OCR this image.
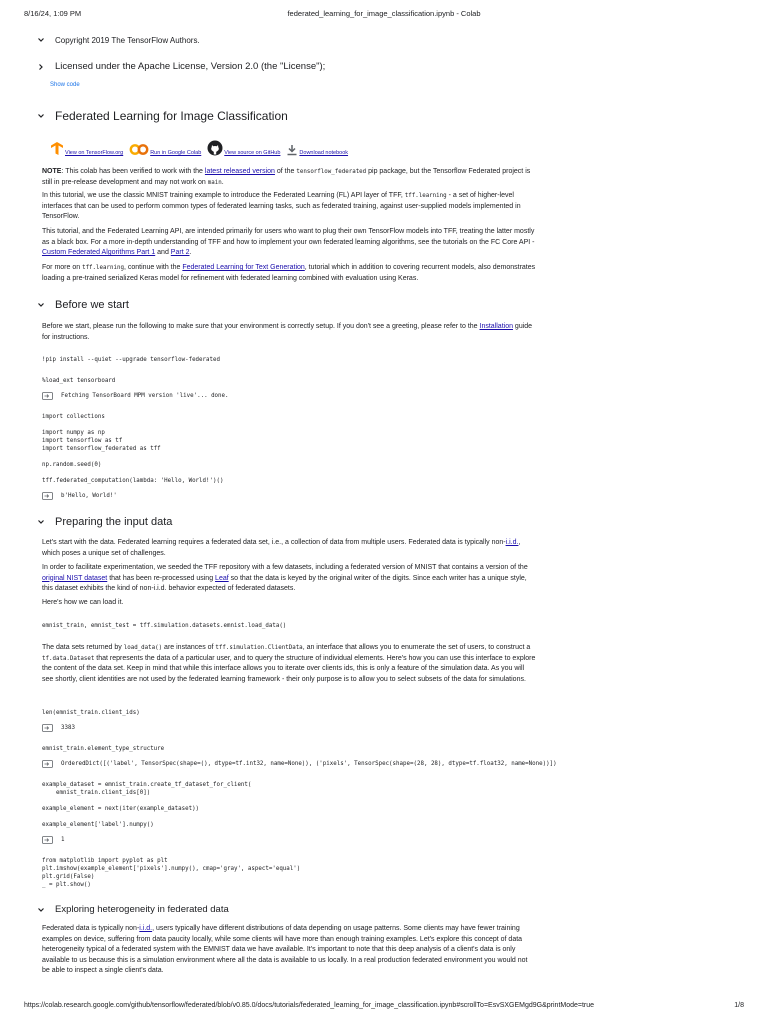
8/16/24, 1:09 PM	federated_learning_for_image_classification.ipynb - Colab
Copyright 2019 The TensorFlow Authors.
Licensed under the Apache License, Version 2.0 (the "License");
Show code
Federated Learning for Image Classification
View on TensorFlow.org	Run in Google Colab	View source on GitHub	Download notebook
NOTE: This colab has been verified to work with the latest released version of the tensorflow_federated pip package, but the Tensorflow Federated project is still in pre-release development and may not work on main.
In this tutorial, we use the classic MNIST training example to introduce the Federated Learning (FL) API layer of TFF, tff.learning - a set of higher-level interfaces that can be used to perform common types of federated learning tasks, such as federated training, against user-supplied models implemented in TensorFlow.
This tutorial, and the Federated Learning API, are intended primarily for users who want to plug their own TensorFlow models into TFF, treating the latter mostly as a black box. For a more in-depth understanding of TFF and how to implement your own federated learning algorithms, see the tutorials on the FC Core API - Custom Federated Algorithms Part 1 and Part 2.
For more on tff.learning, continue with the Federated Learning for Text Generation, tutorial which in addition to covering recurrent models, also demonstrates loading a pre-trained serialized Keras model for refinement with federated learning combined with evaluation using Keras.
Before we start
Before we start, please run the following to make sure that your environment is correctly setup. If you don't see a greeting, please refer to the Installation guide for instructions.
!pip install --quiet --upgrade tensorflow-federated
%load_ext tensorboard
Fetching TensorBoard MPM version 'live'... done.
import collections

import numpy as np
import tensorflow as tf
import tensorflow_federated as tff

np.random.seed(0)

tff.federated_computation(lambda: 'Hello, World!')()
b'Hello, World!'
Preparing the input data
Let's start with the data. Federated learning requires a federated data set, i.e., a collection of data from multiple users. Federated data is typically non-i.i.d., which poses a unique set of challenges.
In order to facilitate experimentation, we seeded the TFF repository with a few datasets, including a federated version of MNIST that contains a version of the original NIST dataset that has been re-processed using Leaf so that the data is keyed by the original writer of the digits. Since each writer has a unique style, this dataset exhibits the kind of non-i.i.d. behavior expected of federated datasets.
Here's how we can load it.
emnist_train, emnist_test = tff.simulation.datasets.emnist.load_data()
The data sets returned by load_data() are instances of tff.simulation.ClientData, an interface that allows you to enumerate the set of users, to construct a tf.data.Dataset that represents the data of a particular user, and to query the structure of individual elements. Here's how you can use this interface to explore the content of the data set. Keep in mind that while this interface allows you to iterate over clients ids, this is only a feature of the simulation data. As you will see shortly, client identities are not used by the federated learning framework - their only purpose is to allow you to select subsets of the data for simulations.
len(emnist_train.client_ids)
3383
emnist_train.element_type_structure
OrderedDict([('label', TensorSpec(shape=(), dtype=tf.int32, name=None)), ('pixels', TensorSpec(shape=(28, 28), dtype=tf.float32, name=None))])
example_dataset = emnist_train.create_tf_dataset_for_client(
emnist_train.client_ids[0])

example_element = next(iter(example_dataset))

example_element['label'].numpy()
1
from matplotlib import pyplot as plt
plt.imshow(example_element['pixels'].numpy(), cmap='gray', aspect='equal')
plt.grid(False)
_ = plt.show()
Exploring heterogeneity in federated data
Federated data is typically non-i.i.d., users typically have different distributions of data depending on usage patterns. Some clients may have fewer training examples on device, suffering from data paucity locally, while some clients will have more than enough training examples. Let's explore this concept of data heterogeneity typical of a federated system with the EMNIST data we have available. It's important to note that this deep analysis of a client's data is only available to us because this is a simulation environment where all the data is available to us locally. In a real production federated environment you would not be able to inspect a single client's data.
https://colab.research.google.com/github/tensorflow/federated/blob/v0.85.0/docs/tutorials/federated_learning_for_image_classification.ipynb#scrollTo=EsvSXGEMgd9G&printMode=true	1/8
